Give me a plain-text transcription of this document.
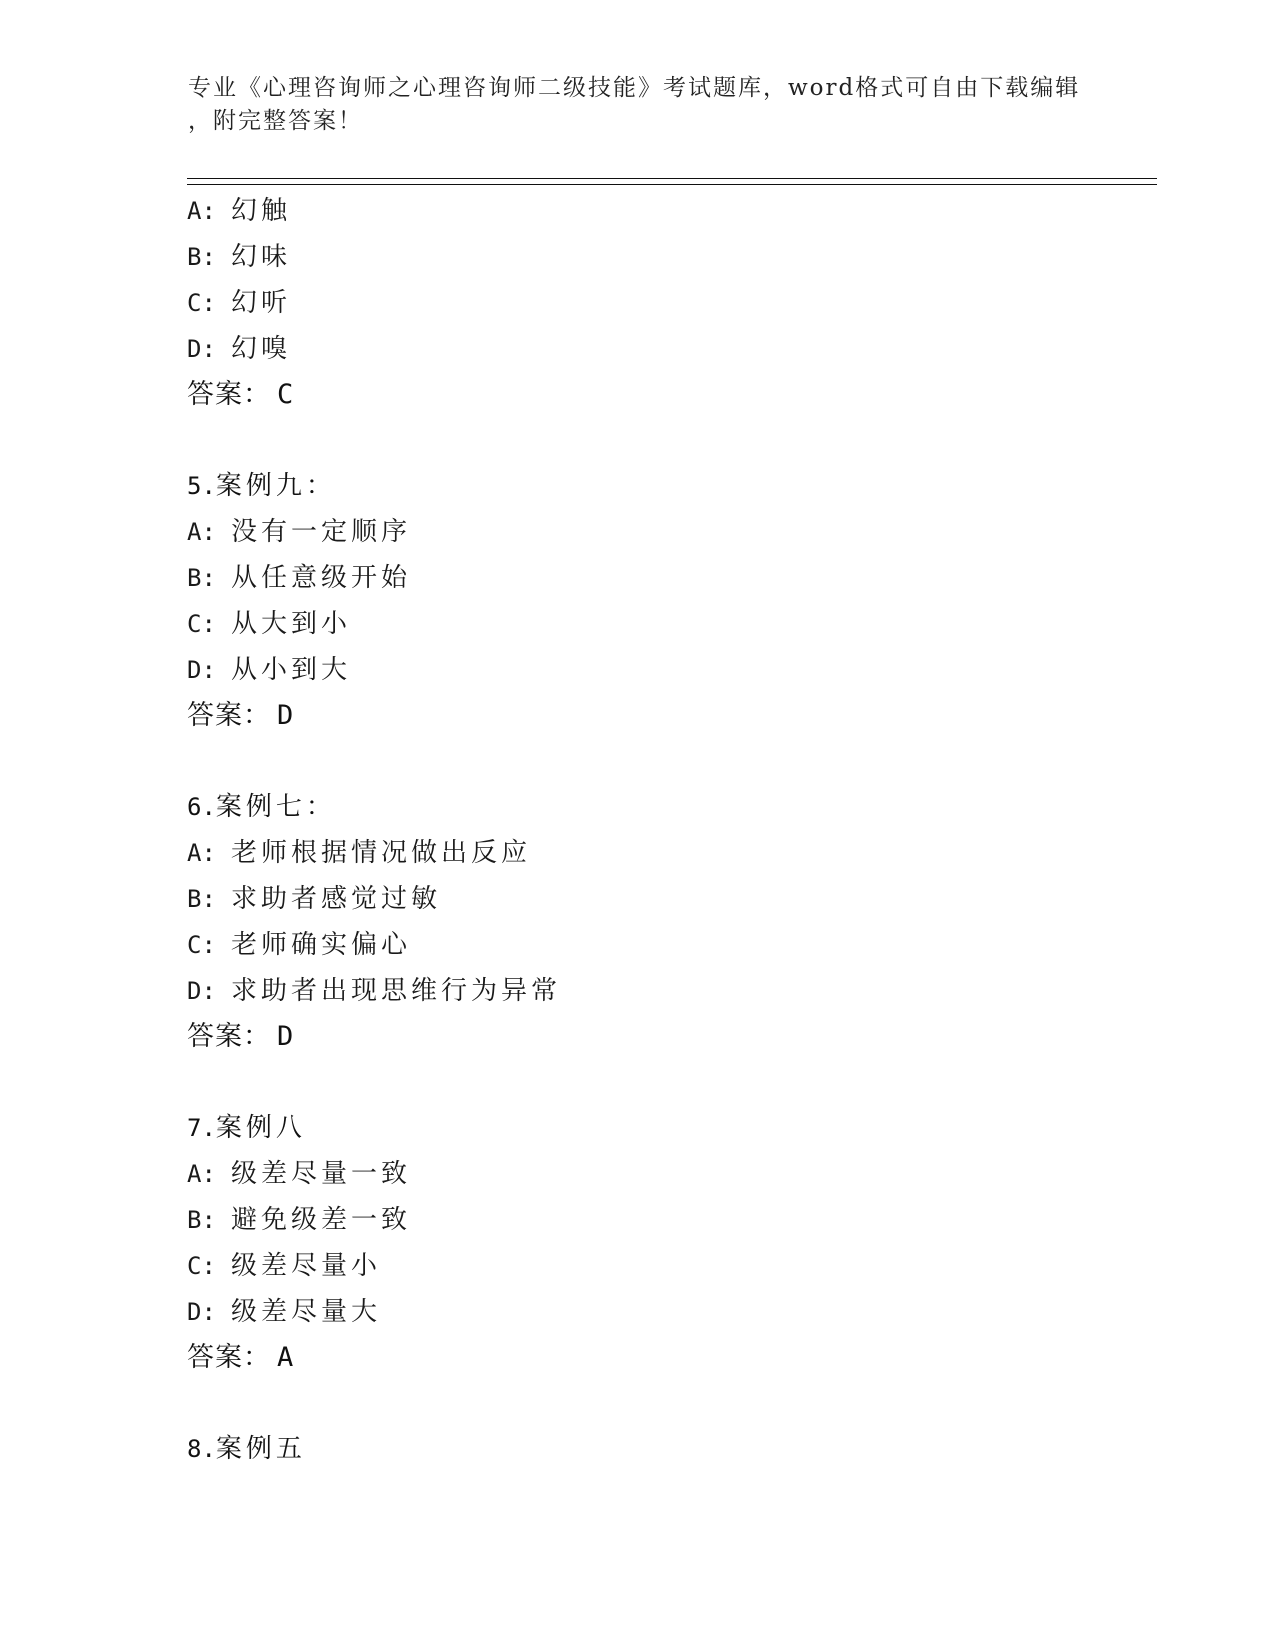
专业《心理咨询师之心理咨询师二级技能》考试题库，word格式可自由下载编辑
，附完整答案！
A: 幻触
B: 幻味
C: 幻听
D: 幻嗅
答案： C
5.案例九：
A: 没有一定顺序
B: 从任意级开始
C: 从大到小
D: 从小到大
答案： D
6.案例七：
A: 老师根据情况做出反应
B: 求助者感觉过敏
C: 老师确实偏心
D: 求助者出现思维行为异常
答案： D
7.案例八
A: 级差尽量一致
B: 避免级差一致
C: 级差尽量小
D: 级差尽量大
答案： A
8.案例五
